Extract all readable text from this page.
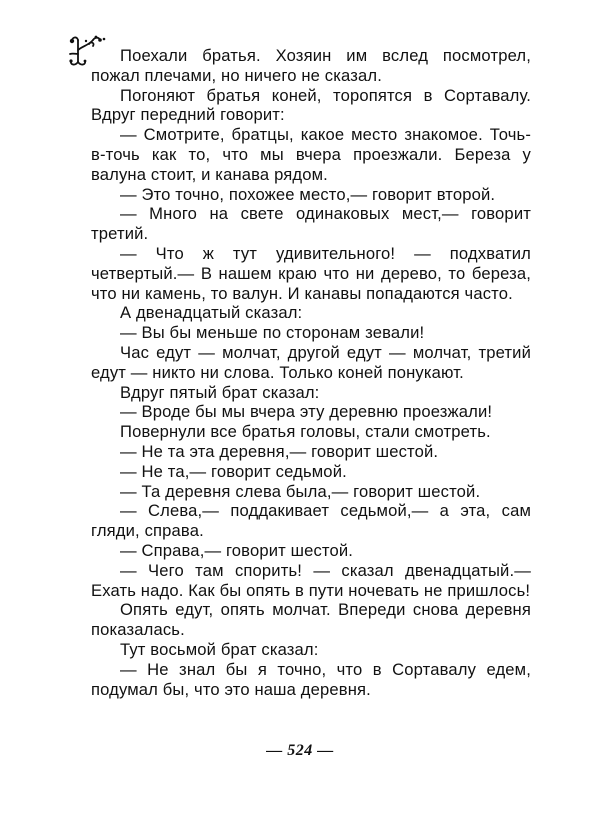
Поехали братья. Хозяин им вслед посмотрел, пожал плечами, но ничего не сказал.

Погоняют братья коней, торопятся в Сортавалу. Вдруг передний говорит:

— Смотрите, братцы, какое место знакомое. Точь-в-точь как то, что мы вчера проезжали. Береза у валуна стоит, и канава рядом.

— Это точно, похожее место,— говорит второй.

— Много на свете одинаковых мест,— говорит третий.

— Что ж тут удивительного! — подхватил четвертый.— В нашем краю что ни дерево, то береза, что ни камень, то валун. И канавы попадаются часто.

А двенадцатый сказал:

— Вы бы меньше по сторонам зевали!

Час едут — молчат, другой едут — молчат, третий едут — никто ни слова. Только коней понукают.

Вдруг пятый брат сказал:

— Вроде бы мы вчера эту деревню проезжали!

Повернули все братья головы, стали смотреть.

— Не та эта деревня,— говорит шестой.

— Не та,— говорит седьмой.

— Та деревня слева была,— говорит шестой.

— Слева,— поддакивает седьмой,— а эта, сам гляди, справа.

— Справа,— говорит шестой.

— Чего там спорить! — сказал двенадцатый.— Ехать надо. Как бы опять в пути ночевать не пришлось!

Опять едут, опять молчат. Впереди снова деревня показалась.

Тут восьмой брат сказал:

— Не знал бы я точно, что в Сортавалу едем, подумал бы, что это наша деревня.

— 524 —
